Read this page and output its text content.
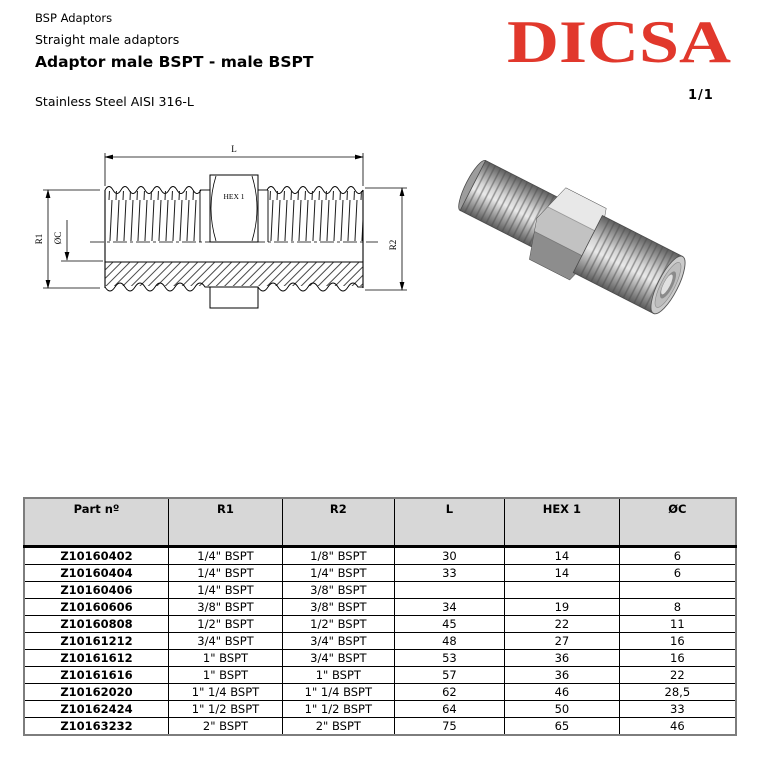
BSP Adaptors
Straight male adaptors
Adaptor male BSPT - male BSPT
Stainless Steel AISI 316-L	1/1
DICSA
L
HEX 1
R1 ØC
R2
Part nº	R1	R2	L	HEX 1	ØC
Z10160402	1/4" BSPT	1/8" BSPT	30	14	6
Z10160404	1/4" BSPT	1/4" BSPT	33	14	6
Z10160406	1/4" BSPT	3/8" BSPT			
Z10160606	3/8" BSPT	3/8" BSPT	34	19	8
Z10160808	1/2" BSPT	1/2" BSPT	45	22	11
Z10161212	3/4" BSPT	3/4" BSPT	48	27	16
Z10161612	1" BSPT	3/4" BSPT	53	36	16
Z10161616	1" BSPT	1" BSPT	57	36	22
Z10162020	1" 1/4 BSPT	1" 1/4 BSPT	62	46	28,5
Z10162424	1" 1/2 BSPT	1" 1/2 BSPT	64	50	33
Z10163232	2" BSPT	2" BSPT	75	65	46
